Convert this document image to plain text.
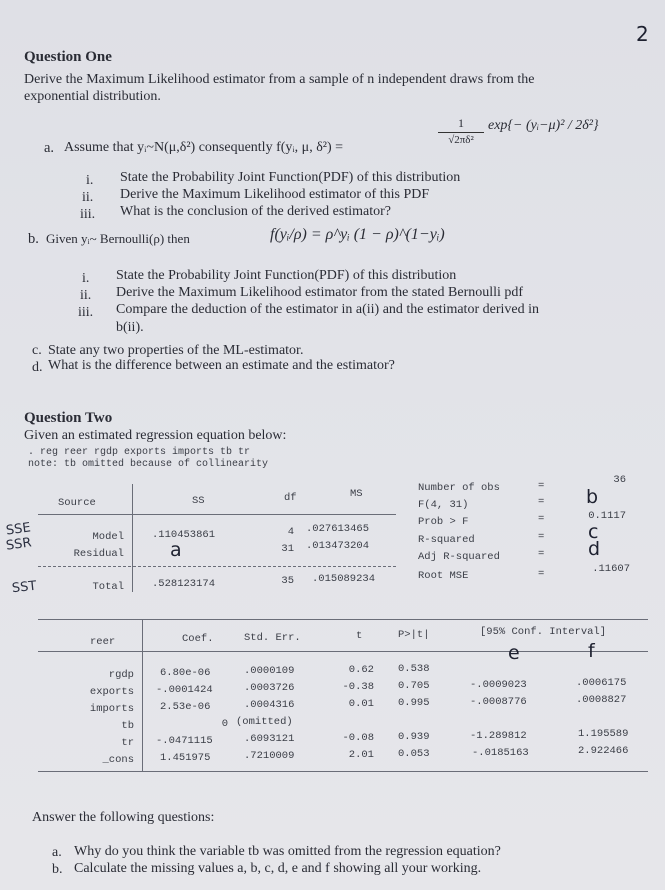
2
Question One
Derive the Maximum Likelihood estimator from a sample of n independent draws from the
exponential distribution.
a. Assume that yᵢ~N(μ,δ²) consequently f(yᵢ, μ, δ²) =
1
√2πδ²
exp{− (yᵢ−μ)² / 2δ²}
i. State the Probability Joint Function(PDF) of this distribution
ii. Derive the Maximum Likelihood estimator of this PDF
iii. What is the conclusion of the derived estimator?
b. Given yᵢ~ Bernoulli(ρ) then	f(yᵢ/ρ) = ρ^yᵢ (1 − ρ)^(1−yᵢ)
i. State the Probability Joint Function(PDF) of this distribution
ii. Derive the Maximum Likelihood estimator from the stated Bernoulli pdf
iii. Compare the deduction of the estimator in a(ii) and the estimator derived in
b(ii).
c. State any two properties of the ML-estimator.
d. What is the difference between an estimate and the estimator?
Question Two
Given an estimated regression equation below:
. reg reer rgdp exports imports tb tr
note: tb omitted because of collinearity
Source	SS	df	MS
Model	.110453861	4 .027613465
Residual a	31 .013473204
Total	.528123174	35 .015089234
SSE
SSR
SST
Number of obs	=	36
F(4, 31)	= b
Prob > F	=	0.1117
R-squared	= c
Adj R-squared	= d
Root MSE	=	.11607
reer	Coef.	Std. Err.	t	P>|t|	[95% Conf. Interval]
e	f
rgdp 6.80e-06	.0000109	0.62 0.538
exports -.0001424	.0003726	-0.38 0.705	-.0009023	.0006175
imports 2.53e-06	.0004316	0.01 0.995	-.0008776	.0008827
tb	0 (omitted)
tr -.0471115	.6093121	-0.08 0.939	-1.289812	1.195589
_cons 1.451975	.7210009	2.01 0.053	-.0185163	2.922466
Answer the following questions:
a. Why do you think the variable tb was omitted from the regression equation?
b. Calculate the missing values a, b, c, d, e and f showing all your working.
